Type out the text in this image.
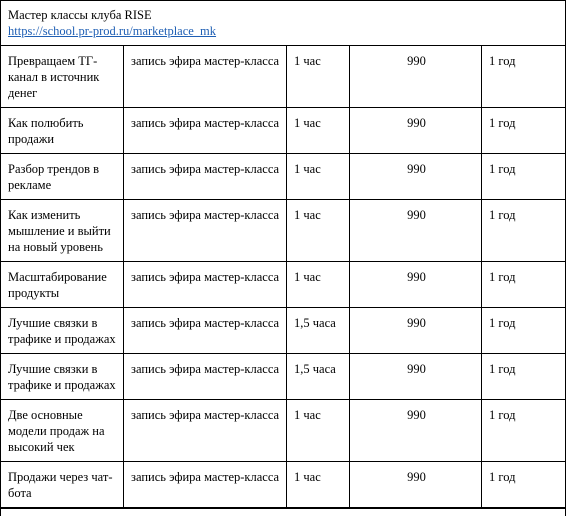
Мастер классы клуба RISE
https://school.pr-prod.ru/marketplace_mk				
Превращаем ТГ-канал в источник денег	запись эфира мастер-класса	1 час	990	1 год
Как полюбить продажи	запись эфира мастер-класса	1 час	990	1 год
Разбор трендов в рекламе	запись эфира мастер-класса	1 час	990	1 год
Как изменить мышление и выйти на новый уровень	запись эфира мастер-класса	1 час	990	1 год
Масштабирование продукты	запись эфира мастер-класса	1 час	990	1 год
Лучшие связки в трафике и продажах	запись эфира мастер-класса	1,5 часа	990	1 год
Лучшие связки в трафике и продажах	запись эфира мастер-класса	1,5 часа	990	1 год
Две основные модели продаж на высокий чек	запись эфира мастер-класса	1 час	990	1 год
Продажи через чат-бота	запись эфира мастер-класса	1 час	990	1 год
